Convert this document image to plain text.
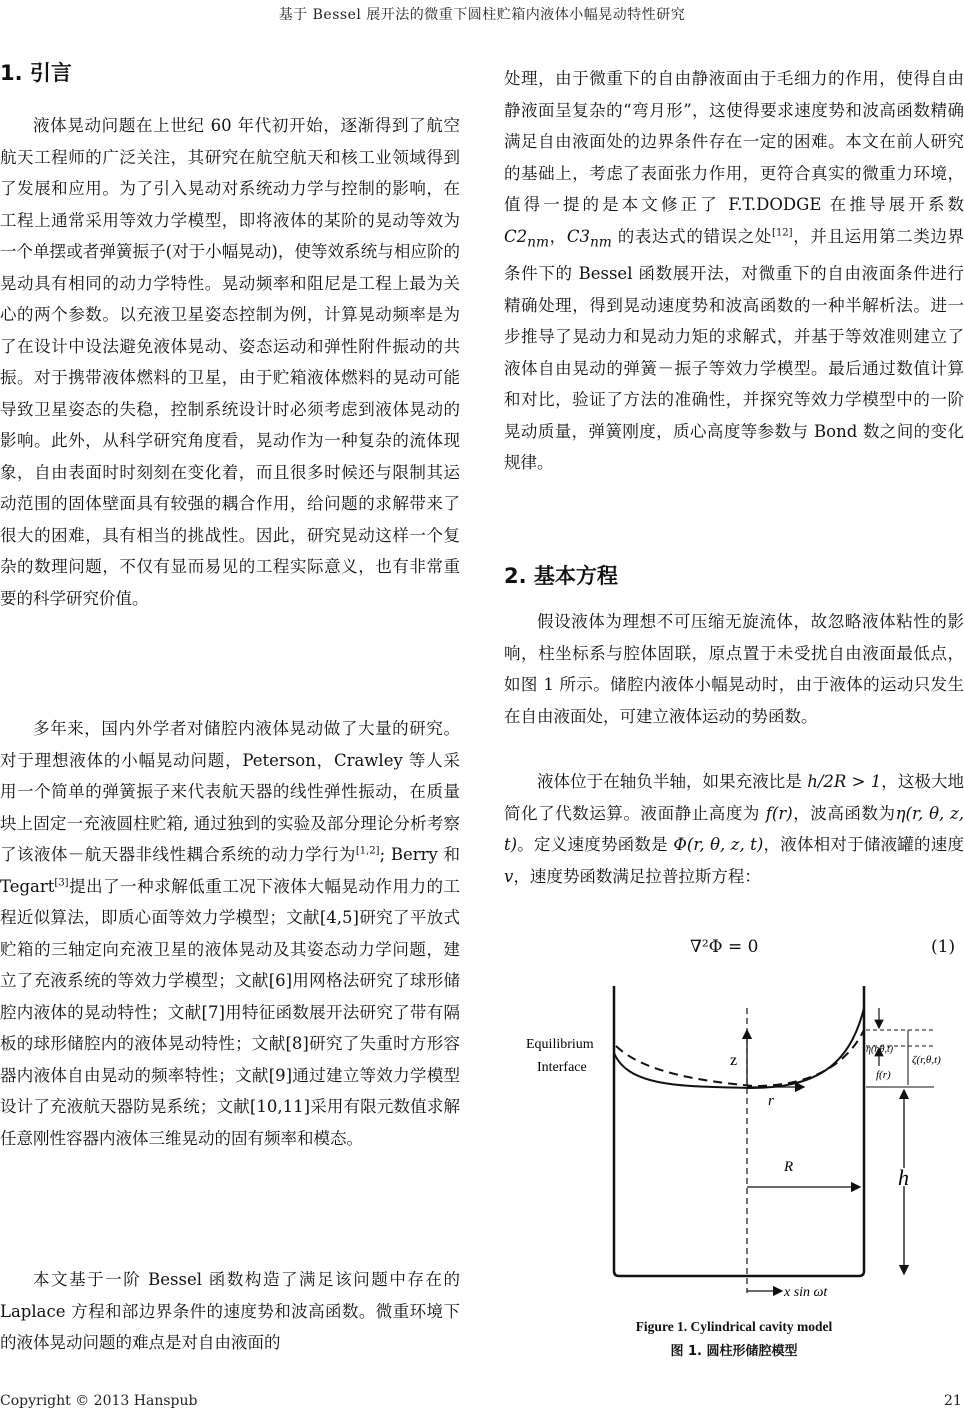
基于 Bessel 展开法的微重下圆柱贮箱内液体小幅晃动特性研究
1. 引言

液体晃动问题在上世纪 60 年代初开始，逐渐得到了航空航天工程师的广泛关注，其研究在航空航天和核工业领域得到了发展和应用。为了引入晃动对系统动力学与控制的影响，在工程上通常采用等效力学模型，即将液体的某阶的晃动等效为一个单摆或者弹簧振子(对于小幅晃动)，使等效系统与相应阶的晃动具有相同的动力学特性。晃动频率和阻尼是工程上最为关心的两个参数。以充液卫星姿态控制为例，计算晃动频率是为了在设计中设法避免液体晃动、姿态运动和弹性附件振动的共振。对于携带液体燃料的卫星，由于贮箱液体燃料的晃动可能导致卫星姿态的失稳，控制系统设计时必须考虑到液体晃动的影响。此外，从科学研究角度看，晃动作为一种复杂的流体现象，自由表面时时刻刻在变化着，而且很多时候还与限制其运动范围的固体壁面具有较强的耦合作用，给问题的求解带来了很大的困难，具有相当的挑战性。因此，研究晃动这样一个复杂的数理问题，不仅有显而易见的工程实际意义，也有非常重要的科学研究价值。

多年来，国内外学者对储腔内液体晃动做了大量的研究。对于理想液体的小幅晃动问题，Peterson，Crawley 等人采用一个简单的弹簧振子来代表航天器的线性弹性振动，在质量块上固定一充液圆柱贮箱, 通过独到的实验及部分理论分析考察了该液体－航天器非线性耦合系统的动力学行为[1,2]; Berry 和 Tegart[3]提出了一种求解低重工况下液体大幅晃动作用力的工程近似算法，即质心面等效力学模型；文献[4,5]研究了平放式贮箱的三轴定向充液卫星的液体晃动及其姿态动力学问题，建立了充液系统的等效力学模型；文献[6]用网格法研究了球形储腔内液体的晃动特性；文献[7]用特征函数展开法研究了带有隔板的球形储腔内的液体晃动特性；文献[8]研究了失重时方形容器内液体自由晃动的频率特性；文献[9]通过建立等效力学模型设计了充液航天器防晃系统；文献[10,11]采用有限元数值求解任意刚性容器内液体三维晃动的固有频率和模态。

本文基于一阶 Bessel 函数构造了满足该问题中存在的 Laplace 方程和部边界条件的速度势和波高函数。微重环境下的液体晃动问题的难点是对自由液面的

处理，由于微重下的自由静液面由于毛细力的作用，使得自由静液面呈复杂的“弯月形”，这使得要求速度势和波高函数精确满足自由液面处的边界条件存在一定的困难。本文在前人研究的基础上，考虑了表面张力作用，更符合真实的微重力环境，值得一提的是本文修正了 F.T.DODGE 在推导展开系数 $C2_{nm}$，$C3_{nm}$ 的表达式的错误之处[12]，并且运用第二类边界条件下的 Bessel 函数展开法，对微重下的自由液面条件进行精确处理，得到晃动速度势和波高函数的一种半解析法。进一步推导了晃动力和晃动力矩的求解式，并基于等效准则建立了液体自由晃动的弹簧－振子等效力学模型。最后通过数值计算和对比，验证了方法的准确性，并探究等效力学模型中的一阶晃动质量，弹簧刚度，质心高度等参数与 Bond 数之间的变化规律。

2. 基本方程

假设液体为理想不可压缩无旋流体，故忽略液体粘性的影响，柱坐标系与腔体固联，原点置于未受扰自由液面最低点，如图 1 所示。储腔内液体小幅晃动时，由于液体的运动只发生在自由液面处，可建立液体运动的势函数。

液体位于在轴负半轴，如果充液比是 h/2R > 1，这极大地简化了代数运算。液面静止高度为 f(r)，波高函数为η(r, θ, z, t)。定义速度势函数是 Φ(r, θ, z, t)，液体相对于储液罐的速度 v，速度势函数满足拉普拉斯方程：

∇²Φ = 0	(1)
z
r
R	h
η(r,θ,t)
ζ(r,θ,t)
f(r)
Equilibrium
Interface
x sin ωt
Figure 1. Cylindrical cavity model
图 1. 圆柱形储腔模型
Copyright © 2013 Hanspub	21
